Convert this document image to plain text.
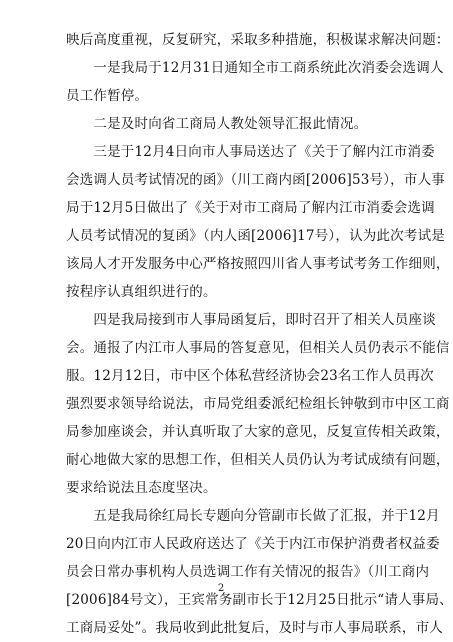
映后高度重视，反复研究，采取多种措施，积极谋求解决问题：
　　一是我局于12月31日通知全市工商系统此次消委会选调人
员工作暂停。
　　二是及时向省工商局人教处领导汇报此情况。
　　三是于12月4日向市人事局送达了《关于了解内江市消委
会选调人员考试情况的函》（川工商内函[2006]53号），市人事
局于12月5日做出了《关于对市工商局了解内江市消委会选调
人员考试情况的复函》（内人函[2006]17号），认为此次考试是
该局人才开发服务中心严格按照四川省人事考试考务工作细则，
按程序认真组织进行的。
　　四是我局接到市人事局函复后，即时召开了相关人员座谈
会。通报了内江市人事局的答复意见，但相关人员仍表示不能信
服。12月12日，市中区个体私营经济协会23名工作人员再次
强烈要求领导给说法，市局党组委派纪检组长钟敬到市中区工商
局参加座谈会，并认真听取了大家的意见，反复宣传相关政策，
耐心地做大家的思想工作，但相关人员仍认为考试成绩有问题，
要求给说法且态度坚决。
　　五是我局徐红局长专题向分管副市长做了汇报，并于12月
20日向内江市人民政府送达了《关于内江市保护消费者权益委
员会日常办事机构人员选调工作有关情况的报告》（川工商内
[2006]84号文），王宾常务副市长于12月25日批示“请人事局、
工商局妥处”。我局收到此批复后，及时与市人事局联系，市人
2
